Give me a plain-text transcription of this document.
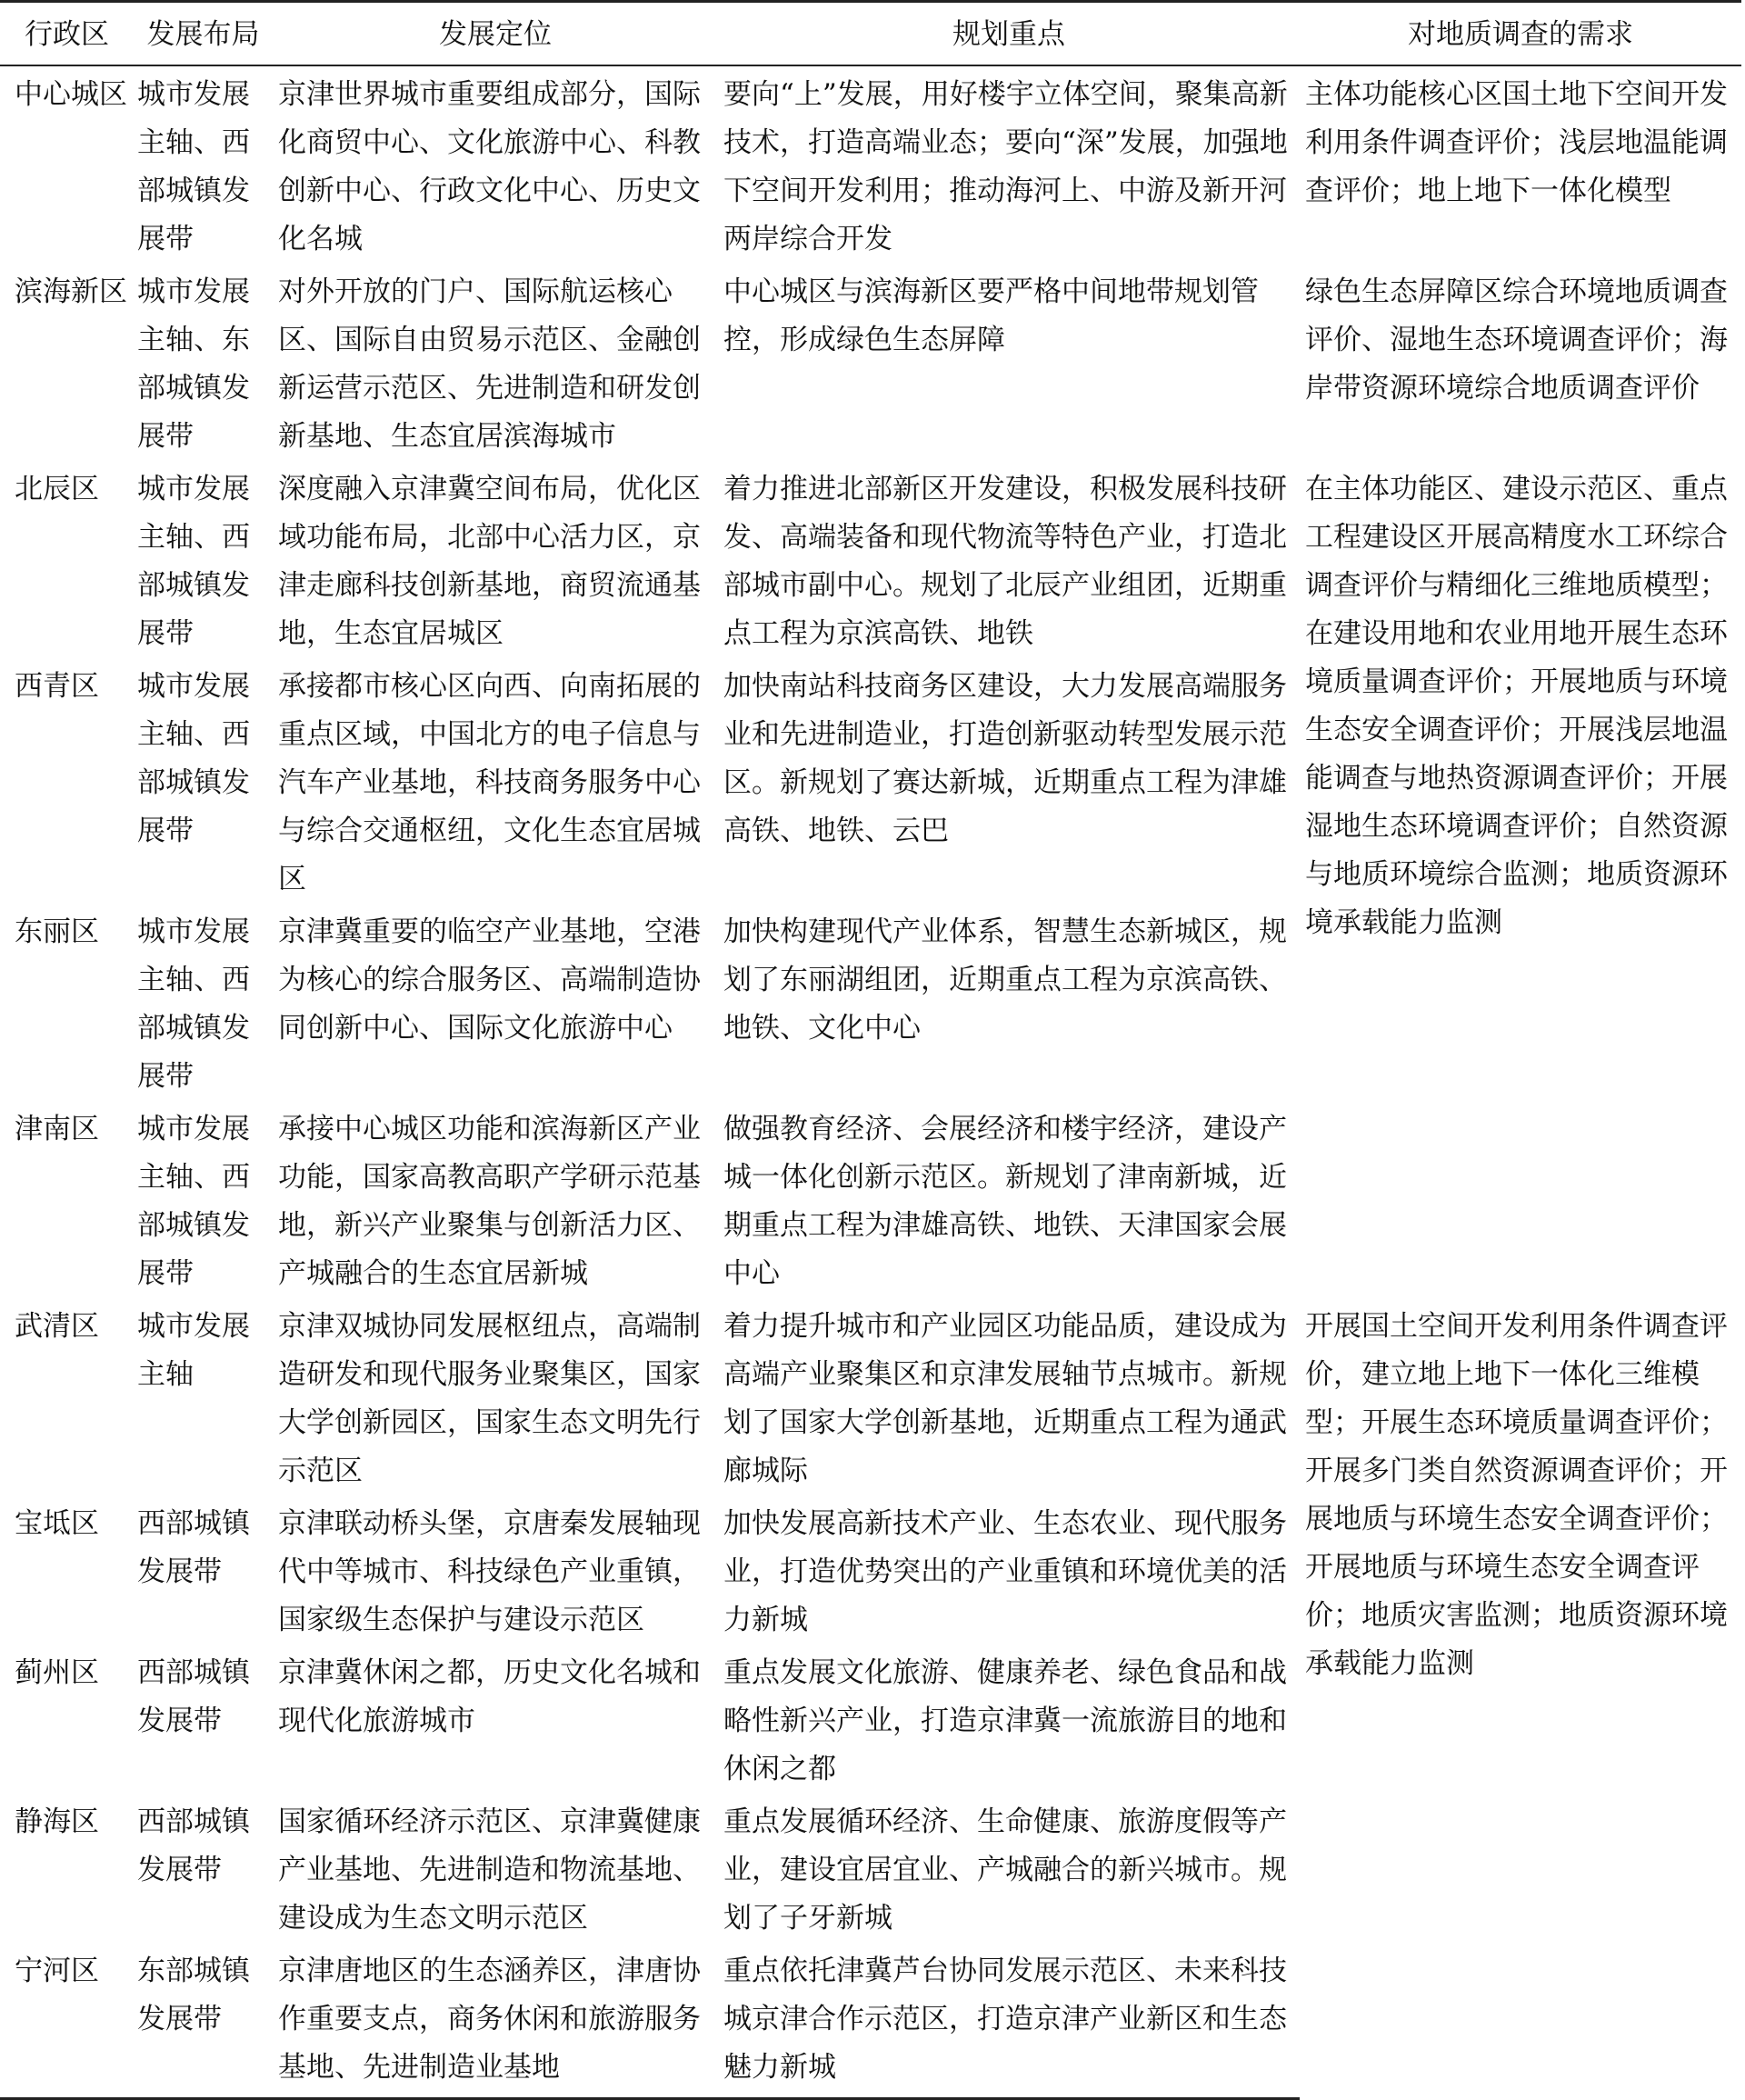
行政区	发展布局	发展定位	规划重点	对地质调查的需求

中心城区	城市发展主轴、西部城镇发展带	京津世界城市重要组成部分，国际化商贸中心、文化旅游中心、科教创新中心、行政文化中心、历史文化名城	要向“上”发展，用好楼宇立体空间，聚集高新技术，打造高端业态；要向“深”发展，加强地下空间开发利用；推动海河上、中游及新开河两岸综合开发	主体功能核心区国土地下空间开发利用条件调查评价；浅层地温能调查评价；地上地下一体化模型

滨海新区	城市发展主轴、东部城镇发展带	对外开放的门户、国际航运核心区、国际自由贸易示范区、金融创新运营示范区、先进制造和研发创新基地、生态宜居滨海城市	中心城区与滨海新区要严格中间地带规划管控，形成绿色生态屏障	绿色生态屏障区综合环境地质调查评价、湿地生态环境调查评价；海岸带资源环境综合地质调查评价

北辰区	城市发展主轴、西部城镇发展带	深度融入京津冀空间布局，优化区域功能布局，北部中心活力区，京津走廊科技创新基地，商贸流通基地，生态宜居城区	着力推进北部新区开发建设，积极发展科技研发、高端装备和现代物流等特色产业，打造北部城市副中心。规划了北辰产业组团，近期重点工程为京滨高铁、地铁	在主体功能区、建设示范区、重点工程建设区开展高精度水工环综合调查评价与精细化三维地质模型；在建设用地和农业用地开展生态环境质量调查评价；开展地质与环境生态安全调查评价；开展浅层地温能调查与地热资源调查评价；开展湿地生态环境调查评价；自然资源与地质环境综合监测；地质资源环境承载能力监测

西青区	城市发展主轴、西部城镇发展带	承接都市核心区向西、向南拓展的重点区域，中国北方的电子信息与汽车产业基地，科技商务服务中心与综合交通枢纽，文化生态宜居城区	加快南站科技商务区建设，大力发展高端服务业和先进制造业，打造创新驱动转型发展示范区。新规划了赛达新城，近期重点工程为津雄高铁、地铁、云巴	

东丽区	城市发展主轴、西部城镇发展带	京津冀重要的临空产业基地，空港为核心的综合服务区、高端制造协同创新中心、国际文化旅游中心	加快构建现代产业体系，智慧生态新城区，规划了东丽湖组团，近期重点工程为京滨高铁、地铁、文化中心	

津南区	城市发展主轴、西部城镇发展带	承接中心城区功能和滨海新区产业功能，国家高教高职产学研示范基地，新兴产业聚集与创新活力区、产城融合的生态宜居新城	做强教育经济、会展经济和楼宇经济，建设产城一体化创新示范区。新规划了津南新城，近期重点工程为津雄高铁、地铁、天津国家会展中心	

武清区	城市发展主轴	京津双城协同发展枢纽点，高端制造研发和现代服务业聚集区，国家大学创新园区，国家生态文明先行示范区	着力提升城市和产业园区功能品质，建设成为高端产业聚集区和京津发展轴节点城市。新规划了国家大学创新基地，近期重点工程为通武廊城际	开展国土空间开发利用条件调查评价，建立地上地下一体化三维模型；开展生态环境质量调查评价；开展多门类自然资源调查评价；开展地质与环境生态安全调查评价；开展地质与环境生态安全调查评价；地质灾害监测；地质资源环境承载能力监测

宝坻区	西部城镇发展带	京津联动桥头堡，京唐秦发展轴现代中等城市、科技绿色产业重镇，国家级生态保护与建设示范区	加快发展高新技术产业、生态农业、现代服务业，打造优势突出的产业重镇和环境优美的活力新城	

蓟州区	西部城镇发展带	京津冀休闲之都，历史文化名城和现代化旅游城市	重点发展文化旅游、健康养老、绿色食品和战略性新兴产业，打造京津冀一流旅游目的地和休闲之都	

静海区	西部城镇发展带	国家循环经济示范区、京津冀健康产业基地、先进制造和物流基地、建设成为生态文明示范区	重点发展循环经济、生命健康、旅游度假等产业，建设宜居宜业、产城融合的新兴城市。规划了子牙新城	

宁河区	东部城镇发展带	京津唐地区的生态涵养区，津唐协作重要支点，商务休闲和旅游服务基地、先进制造业基地	重点依托津冀芦台协同发展示范区、未来科技城京津合作示范区，打造京津产业新区和生态魅力新城	
